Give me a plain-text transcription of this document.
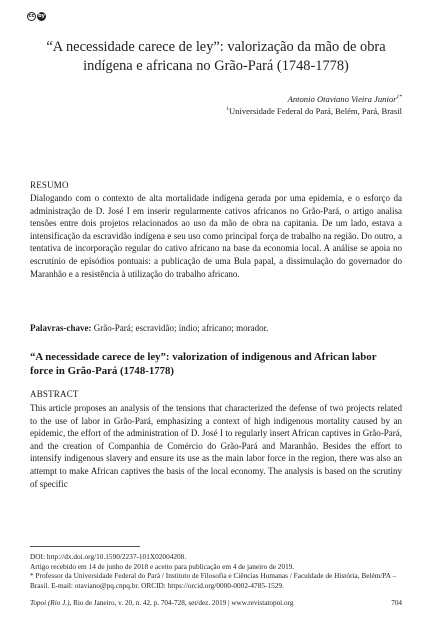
cc by
“A necessidade carece de ley”: valorização da mão de obra indígena e africana no Grão-Pará (1748-1778)
Antonio Otaviano Vieira Junior$^{1*}$
$^1$Universidade Federal do Pará, Belém, Pará, Brasil
RESUMO

Dialogando com o contexto de alta mortalidade indígena gerada por uma epidemia, e o esforço da administração de D. José I em inserir regularmente cativos africanos no Grão-Pará, o artigo analisa tensões entre dois projetos relacionados ao uso da mão de obra na capitania. De um lado, estava a intensificação da escravidão indígena e seu uso como principal força de trabalho na região. Do outro, a tentativa de incorporação regular do cativo africano na base da economia local. A análise se apoia no escrutínio de episódios pontuais: a publicação de uma Bula papal, a dissimulação do governador do Maranhão e a resistência à utilização do trabalho africano.

Palavras-chave: Grão-Pará; escravidão; índio; africano; morador.
“A necessidade carece de ley”: valorization of indigenous and African labor force in Grão-Pará (1748-1778)
ABSTRACT

This article proposes an analysis of the tensions that characterized the defense of two projects related to the use of labor in Grão-Pará, emphasizing a context of high indigenous mortality caused by an epidemic, the effort of the administration of D. José I to regularly insert African captives in Grão-Pará, and the creation of Companhia de Comércio do Grão-Pará and Maranhão. Besides the effort to intensify indigenous slavery and ensure its use as the main labor force in the region, there was also an attempt to make African captives the basis of the local economy. The analysis is based on the scrutiny of specific

DOI: http://dx.doi.org/10.1590/2237-101X02004208.

Artigo recebido em 14 de junho de 2018 e aceito para publicação em 4 de janeiro de 2019.

* Professor da Universidade Federal do Pará / Instituto de Filosofia e Ciências Humanas / Faculdade de História, Belém/PA – Brasil. E-mail: otaviano@pq.cnpq.br. ORCID: https://orcid.org/0000-0002-4785-1529.

Topoi (Rio J.), Rio de Janeiro, v. 20, n. 42, p. 704-728, set/dez. 2019 | www.revistatopoi.org	704
